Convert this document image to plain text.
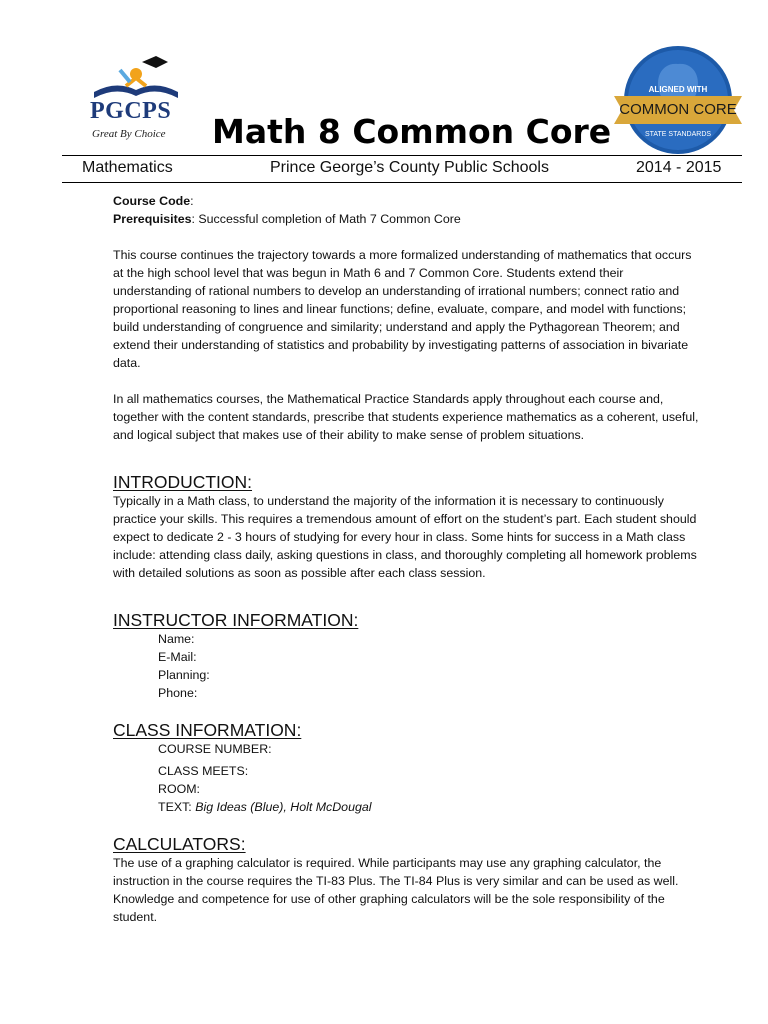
PGCPS
Great By Choice Math 8 Common Core
ALIGNED WITH
COMMON CORE
STATE STANDARDS
Mathematics	Prince George’s County Public Schools	2014 - 2015

Course Code:

Prerequisites: Successful completion of Math 7 Common Core

This course continues the trajectory towards a more formalized understanding of mathematics that occurs at the high school level that was begun in Math 6 and 7 Common Core. Students extend their understanding of rational numbers to develop an understanding of irrational numbers; connect ratio and proportional reasoning to lines and linear functions; define, evaluate, compare, and model with functions; build understanding of congruence and similarity; understand and apply the Pythagorean Theorem; and extend their understanding of statistics and probability by investigating patterns of association in bivariate data.

In all mathematics courses, the Mathematical Practice Standards apply throughout each course and, together with the content standards, prescribe that students experience mathematics as a coherent, useful, and logical subject that makes use of their ability to make sense of problem situations.

INTRODUCTION:

Typically in a Math class, to understand the majority of the information it is necessary to continuously practice your skills. This requires a tremendous amount of effort on the student’s part. Each student should expect to dedicate 2 - 3 hours of studying for every hour in class. Some hints for success in a Math class include: attending class daily, asking questions in class, and thoroughly completing all homework problems with detailed solutions as soon as possible after each class session.

INSTRUCTOR INFORMATION:
Name:
E-Mail:
Planning:
Phone:
CLASS INFORMATION:
COURSE NUMBER:
CLASS MEETS:
ROOM:
TEXT: Big Ideas (Blue), Holt McDougal
CALCULATORS:

The use of a graphing calculator is required. While participants may use any graphing calculator, the instruction in the course requires the TI-83 Plus. The TI-84 Plus is very similar and can be used as well. Knowledge and competence for use of other graphing calculators will be the sole responsibility of the student.
